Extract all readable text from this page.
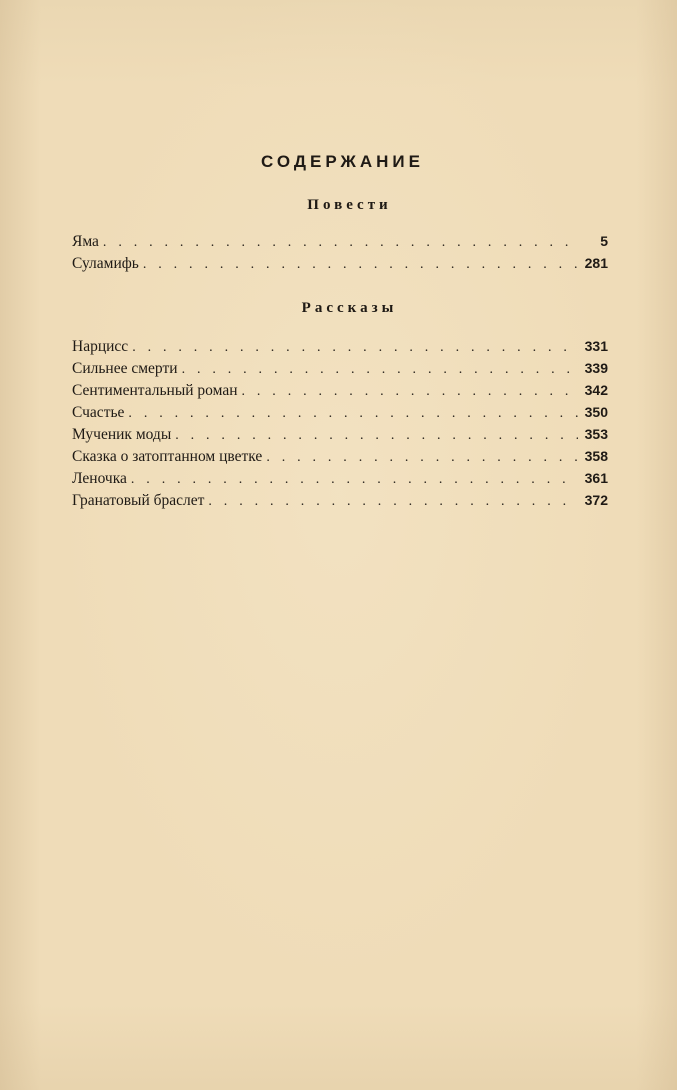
СОДЕРЖАНИЕ
Повести
Яма . . .	5
Суламифь . . .	281
Рассказы
Нарцисс . . .	331
Сильнее смерти . . .	339
Сентиментальный роман . . .	342
Счастье . . .	350
Мученик моды . . .	353
Сказка о затоптанном цветке . . .	358
Леночка . . .	361
Гранатовый браслет . . .	372
